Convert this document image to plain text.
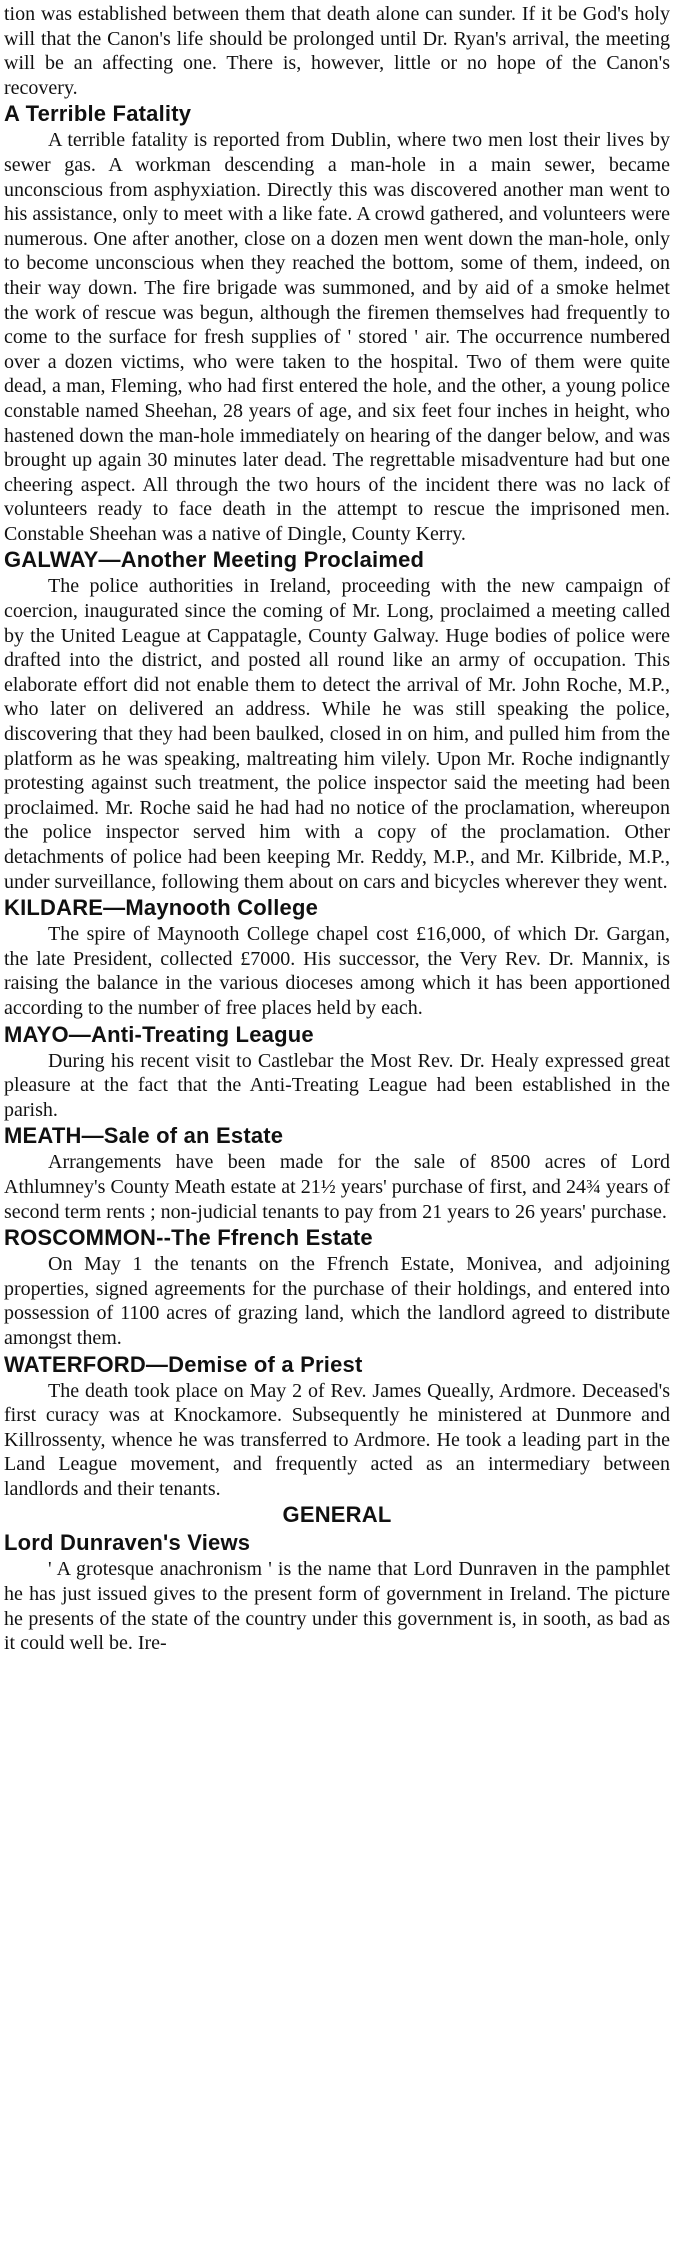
tion was established between them that death alone can sunder. If it be God's holy will that the Canon's life should be prolonged until Dr. Ryan's arrival, the meeting will be an affecting one. There is, however, little or no hope of the Canon's recovery.

A Terrible Fatality

A terrible fatality is reported from Dublin, where two men lost their lives by sewer gas. A workman descending a man-hole in a main sewer, became unconscious from asphyxiation. Directly this was discovered another man went to his assistance, only to meet with a like fate. A crowd gathered, and volunteers were numerous. One after another, close on a dozen men went down the man-hole, only to become unconscious when they reached the bottom, some of them, indeed, on their way down. The fire brigade was summoned, and by aid of a smoke helmet the work of rescue was begun, although the firemen themselves had frequently to come to the surface for fresh supplies of ' stored ' air. The occurrence numbered over a dozen victims, who were taken to the hospital. Two of them were quite dead, a man, Fleming, who had first entered the hole, and the other, a young police constable named Sheehan, 28 years of age, and six feet four inches in height, who hastened down the man-hole immediately on hearing of the danger below, and was brought up again 30 minutes later dead. The regrettable misadventure had but one cheering aspect. All through the two hours of the incident there was no lack of volunteers ready to face death in the attempt to rescue the imprisoned men. Constable Sheehan was a native of Dingle, County Kerry.

GALWAY—Another Meeting Proclaimed

The police authorities in Ireland, proceeding with the new campaign of coercion, inaugurated since the coming of Mr. Long, proclaimed a meeting called by the United League at Cappatagle, County Galway. Huge bodies of police were drafted into the district, and posted all round like an army of occupation. This elaborate effort did not enable them to detect the arrival of Mr. John Roche, M.P., who later on delivered an address. While he was still speaking the police, discovering that they had been baulked, closed in on him, and pulled him from the platform as he was speaking, maltreating him vilely. Upon Mr. Roche indignantly protesting against such treatment, the police inspector said the meeting had been proclaimed. Mr. Roche said he had had no notice of the proclamation, whereupon the police inspector served him with a copy of the proclamation. Other detachments of police had been keeping Mr. Reddy, M.P., and Mr. Kilbride, M.P., under surveillance, following them about on cars and bicycles wherever they went.

KILDARE—Maynooth College

The spire of Maynooth College chapel cost £16,000, of which Dr. Gargan, the late President, collected £7000. His successor, the Very Rev. Dr. Mannix, is raising the balance in the various dioceses among which it has been apportioned according to the number of free places held by each.

MAYO—Anti-Treating League

During his recent visit to Castlebar the Most Rev. Dr. Healy expressed great pleasure at the fact that the Anti-Treating League had been established in the parish.

MEATH—Sale of an Estate

Arrangements have been made for the sale of 8500 acres of Lord Athlumney's County Meath estate at 21½ years' purchase of first, and 24¾ years of second term rents ; non-judicial tenants to pay from 21 years to 26 years' purchase.

ROSCOMMON--The Ffrench Estate

On May 1 the tenants on the Ffrench Estate, Monivea, and adjoining properties, signed agreements for the purchase of their holdings, and entered into possession of 1100 acres of grazing land, which the landlord agreed to distribute amongst them.

WATERFORD—Demise of a Priest

The death took place on May 2 of Rev. James Queally, Ardmore. Deceased's first curacy was at Knockamore. Subsequently he ministered at Dunmore and Killrossenty, whence he was transferred to Ardmore. He took a leading part in the Land League movement, and frequently acted as an intermediary between landlords and their tenants.

GENERAL
Lord Dunraven's Views

' A grotesque anachronism ' is the name that Lord Dunraven in the pamphlet he has just issued gives to the present form of government in Ireland. The picture he presents of the state of the country under this government is, in sooth, as bad as it could well be. Ire-
